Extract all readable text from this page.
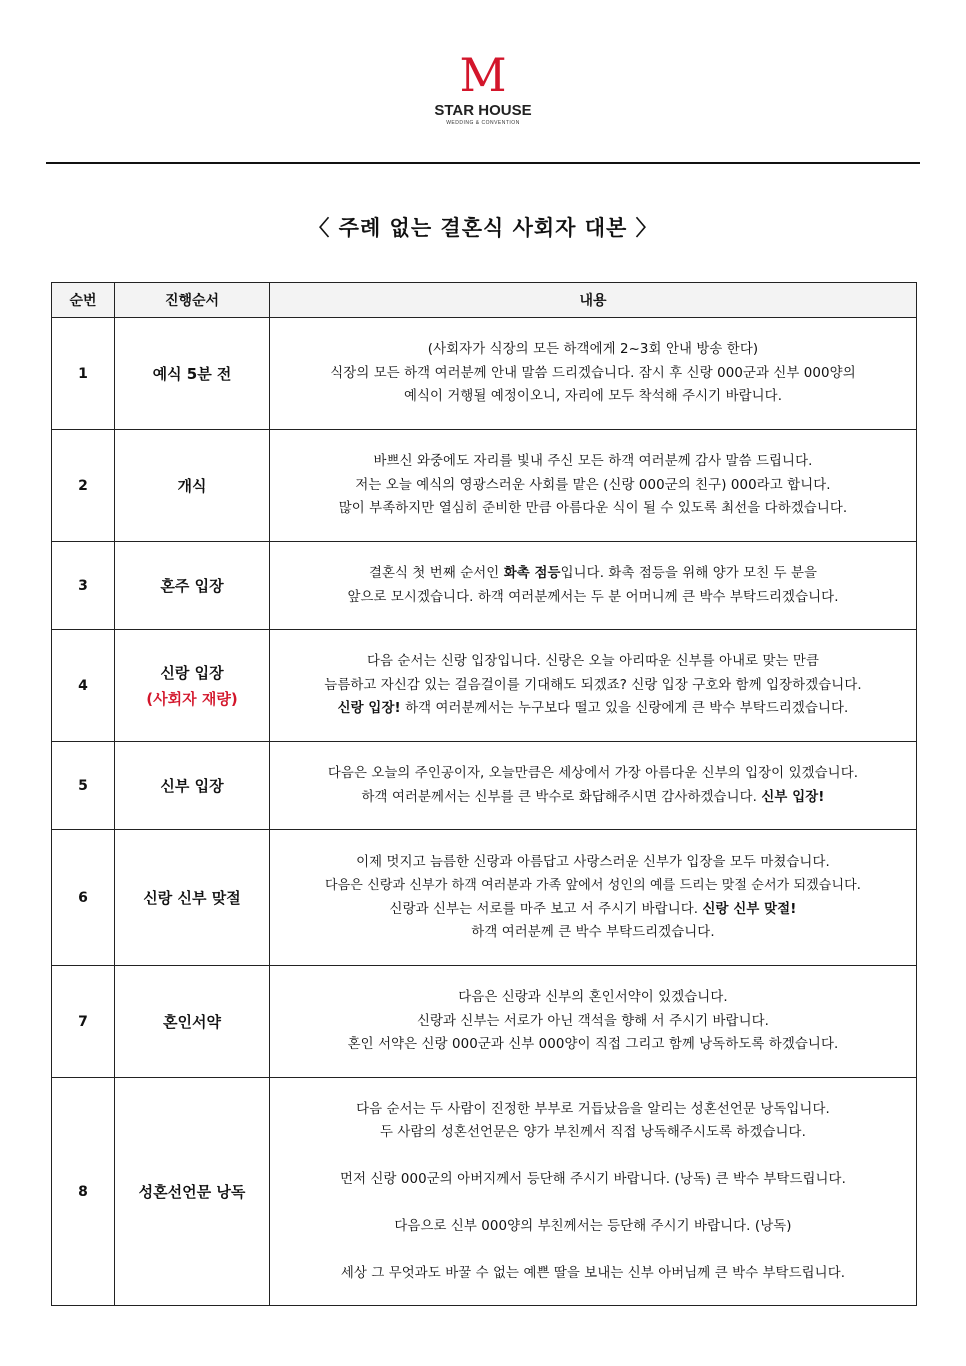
M
STAR HOUSE
WEDDING & CONVENTION
〈 주례 없는 결혼식 사회자 대본 〉
순번	진행순서	내용
1	예식 5분 전	(사회자가 식장의 모든 하객에게 2~3회 안내 방송 한다)
식장의 모든 하객 여러분께 안내 말씀 드리겠습니다. 잠시 후 신랑 000군과 신부 000양의
예식이 거행될 예정이오니, 자리에 모두 착석해 주시기 바랍니다.

2	개식	바쁘신 와중에도 자리를 빛내 주신 모든 하객 여러분께 감사 말씀 드립니다.
저는 오늘 예식의 영광스러운 사회를 맡은 (신랑 000군의 친구) 000라고 합니다.
많이 부족하지만 열심히 준비한 만큼 아름다운 식이 될 수 있도록 최선을 다하겠습니다.

3	혼주 입장	결혼식 첫 번째 순서인 화촉 점등입니다. 화촉 점등을 위해 양가 모친 두 분을
앞으로 모시겠습니다. 하객 여러분께서는 두 분 어머니께 큰 박수 부탁드리겠습니다.

4	신랑 입장
(사회자 재량)	다음 순서는 신랑 입장입니다. 신랑은 오늘 아리따운 신부를 아내로 맞는 만큼
늠름하고 자신감 있는 걸음걸이를 기대해도 되겠죠? 신랑 입장 구호와 함께 입장하겠습니다.
신랑 입장! 하객 여러분께서는 누구보다 떨고 있을 신랑에게 큰 박수 부탁드리겠습니다.

5	신부 입장	다음은 오늘의 주인공이자, 오늘만큼은 세상에서 가장 아름다운 신부의 입장이 있겠습니다.
하객 여러분께서는 신부를 큰 박수로 화답해주시면 감사하겠습니다. 신부 입장!

6	신랑 신부 맞절	이제 멋지고 늠름한 신랑과 아름답고 사랑스러운 신부가 입장을 모두 마쳤습니다.
다음은 신랑과 신부가 하객 여러분과 가족 앞에서 성인의 예를 드리는 맞절 순서가 되겠습니다.
신랑과 신부는 서로를 마주 보고 서 주시기 바랍니다. 신랑 신부 맞절!
하객 여러분께 큰 박수 부탁드리겠습니다.

7	혼인서약	다음은 신랑과 신부의 혼인서약이 있겠습니다.
신랑과 신부는 서로가 아닌 객석을 향해 서 주시기 바랍니다.
혼인 서약은 신랑 000군과 신부 000양이 직접 그리고 함께 낭독하도록 하겠습니다.

8	성혼선언문 낭독	다음 순서는 두 사람이 진정한 부부로 거듭났음을 알리는 성혼선언문 낭독입니다.
두 사람의 성혼선언문은 양가 부친께서 직접 낭독해주시도록 하겠습니다.
먼저 신랑 000군의 아버지께서 등단해 주시기 바랍니다. (낭독) 큰 박수 부탁드립니다.
다음으로 신부 000양의 부친께서는 등단해 주시기 바랍니다. (낭독)
세상 그 무엇과도 바꿀 수 없는 예쁜 딸을 보내는 신부 아버님께 큰 박수 부탁드립니다.
